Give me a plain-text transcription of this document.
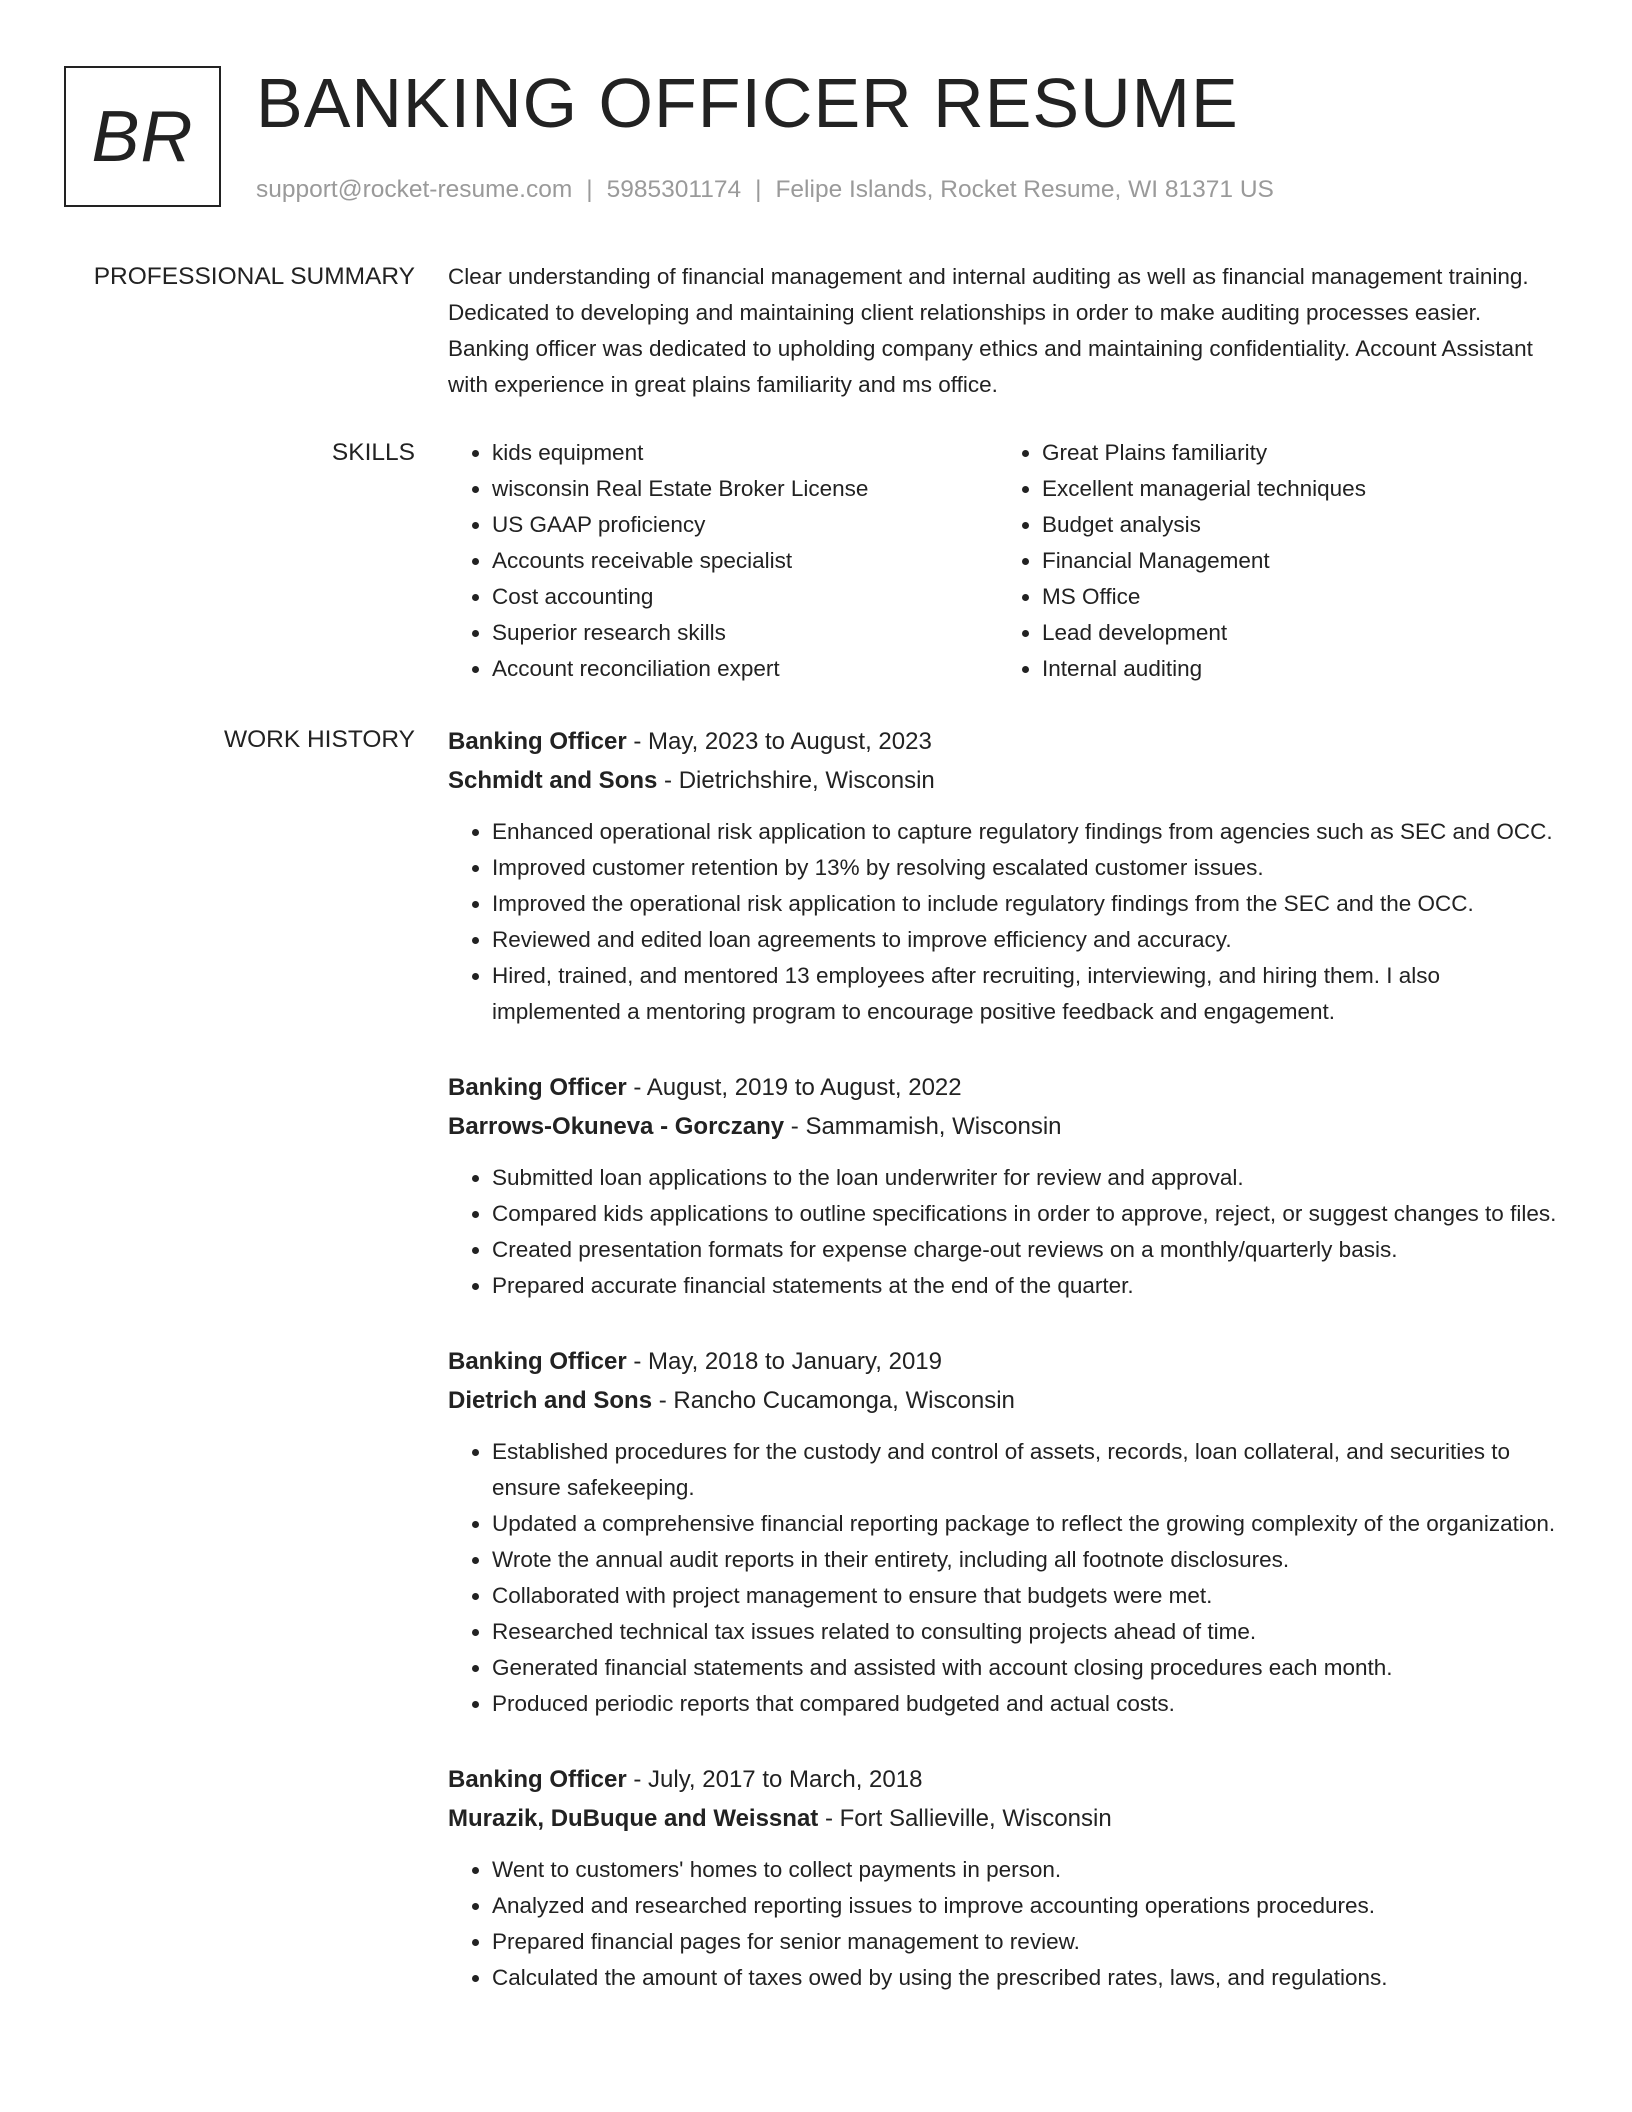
BR BANKING OFFICER RESUME
support@rocket-resume.com | 5985301174 | Felipe Islands, Rocket Resume, WI 81371 US
PROFESSIONAL SUMMARY Clear understanding of financial management and internal auditing as well as financial management training. Dedicated to developing and maintaining client relationships in order to make auditing processes easier. Banking officer was dedicated to upholding company ethics and maintaining confidentiality. Account Assistant with experience in great plains familiarity and ms office.

SKILLS
•	kids equipment
• wisconsin Real Estate Broker License
• US GAAP proficiency
• Accounts receivable specialist
• Cost accounting
• Superior research skills
• Account reconciliation expert
• Great Plains familiarity
• Excellent managerial techniques
• Budget analysis
• Financial Management
• MS Office
• Lead development
• Internal auditing
WORK HISTORY Banking Officer - May, 2023 to August, 2023
Schmidt and Sons - Dietrichshire, Wisconsin
• Enhanced operational risk application to capture regulatory findings from agencies such as SEC and OCC.
• Improved customer retention by 13% by resolving escalated customer issues.
• Improved the operational risk application to include regulatory findings from the SEC and the OCC.
• Reviewed and edited loan agreements to improve efficiency and accuracy.
• Hired, trained, and mentored 13 employees after recruiting, interviewing, and hiring them. I also implemented a mentoring program to encourage positive feedback and engagement.
Banking Officer - August, 2019 to August, 2022
Barrows-Okuneva - Gorczany - Sammamish, Wisconsin
• Submitted loan applications to the loan underwriter for review and approval.
• Compared kids applications to outline specifications in order to approve, reject, or suggest changes to files.
• Created presentation formats for expense charge-out reviews on a monthly/quarterly basis.
• Prepared accurate financial statements at the end of the quarter.
Banking Officer - May, 2018 to January, 2019
Dietrich and Sons - Rancho Cucamonga, Wisconsin
• Established procedures for the custody and control of assets, records, loan collateral, and securities to ensure safekeeping.
• Updated a comprehensive financial reporting package to reflect the growing complexity of the organization.
• Wrote the annual audit reports in their entirety, including all footnote disclosures.
• Collaborated with project management to ensure that budgets were met.
• Researched technical tax issues related to consulting projects ahead of time.
• Generated financial statements and assisted with account closing procedures each month.
• Produced periodic reports that compared budgeted and actual costs.
Banking Officer - July, 2017 to March, 2018
Murazik, DuBuque and Weissnat - Fort Sallieville, Wisconsin
• Went to customers' homes to collect payments in person.
• Analyzed and researched reporting issues to improve accounting operations procedures.
• Prepared financial pages for senior management to review.
• Calculated the amount of taxes owed by using the prescribed rates, laws, and regulations.
